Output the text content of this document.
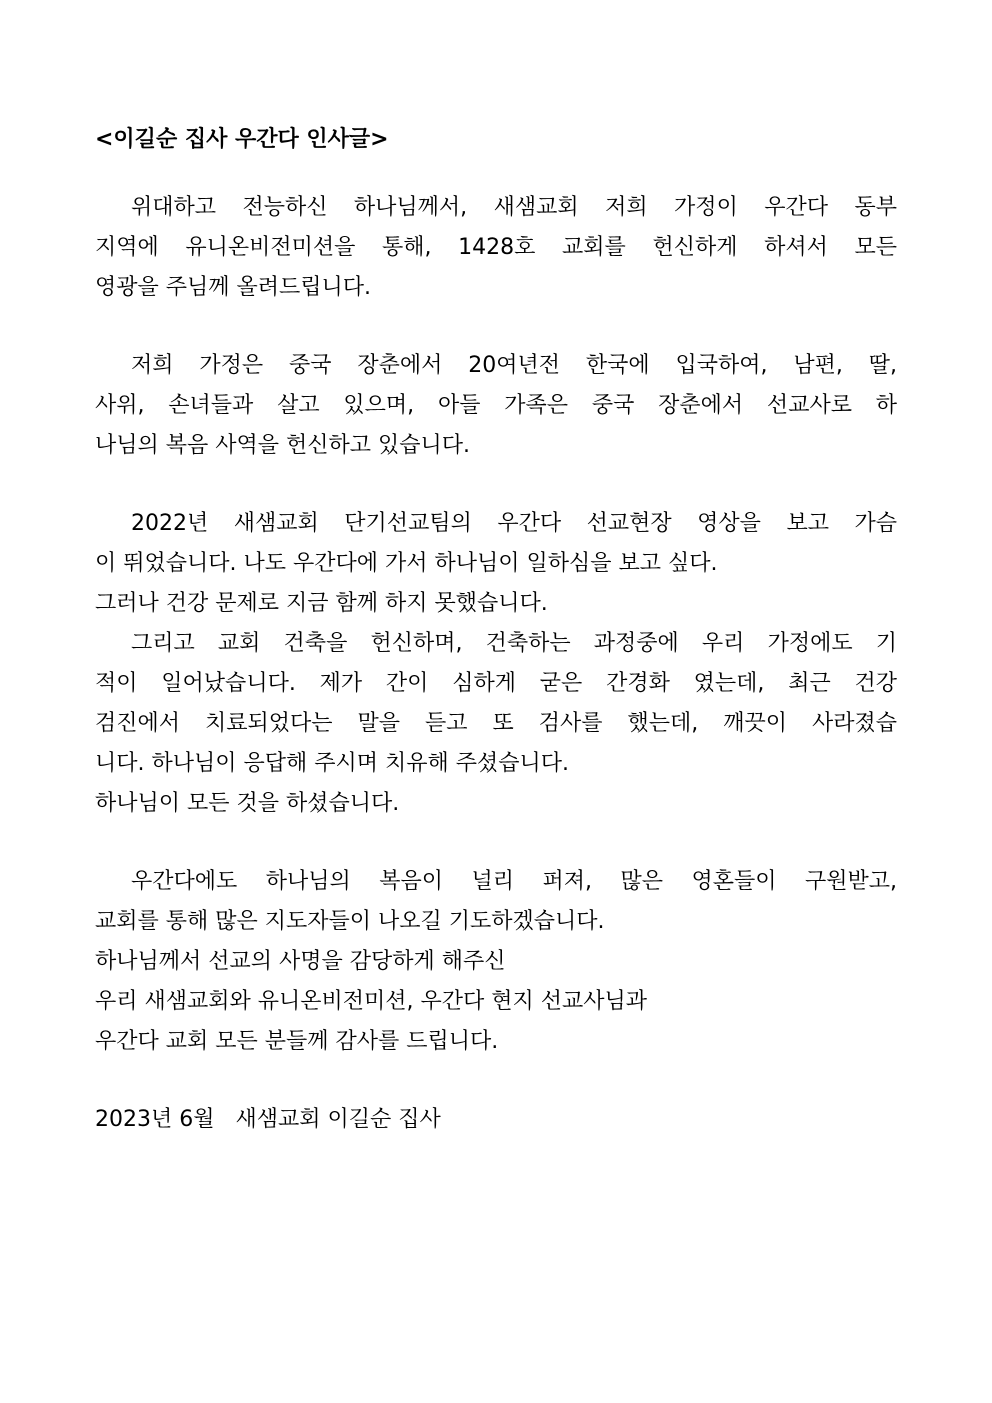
<이길순 집사 우간다 인사글>
위대하고 전능하신 하나님께서, 새샘교회 저희 가정이 우간다 동부
지역에 유니온비전미션을 통해, 1428호 교회를 헌신하게 하셔서 모든
영광을 주님께 올려드립니다.
저희 가정은 중국 장춘에서 20여년전 한국에 입국하여, 남편, 딸,
사위, 손녀들과 살고 있으며, 아들 가족은 중국 장춘에서 선교사로 하
나님의 복음 사역을 헌신하고 있습니다.
2022년 새샘교회 단기선교팀의 우간다 선교현장 영상을 보고 가슴
이 뛰었습니다. 나도 우간다에 가서 하나님이 일하심을 보고 싶다.
그러나 건강 문제로 지금 함께 하지 못했습니다.
그리고 교회 건축을 헌신하며, 건축하는 과정중에 우리 가정에도 기
적이 일어났습니다. 제가 간이 심하게 굳은 간경화 였는데, 최근 건강
검진에서 치료되었다는 말을 듣고 또 검사를 했는데, 깨끗이 사라졌습
니다. 하나님이 응답해 주시며 치유해 주셨습니다.
하나님이 모든 것을 하셨습니다.
우간다에도 하나님의 복음이 널리 퍼져, 많은 영혼들이 구원받고,
교회를 통해 많은 지도자들이 나오길 기도하겠습니다.
하나님께서 선교의 사명을 감당하게 해주신
우리 새샘교회와 유니온비전미션, 우간다 현지 선교사님과
우간다 교회 모든 분들께 감사를 드립니다.
2023년 6월   새샘교회 이길순 집사
